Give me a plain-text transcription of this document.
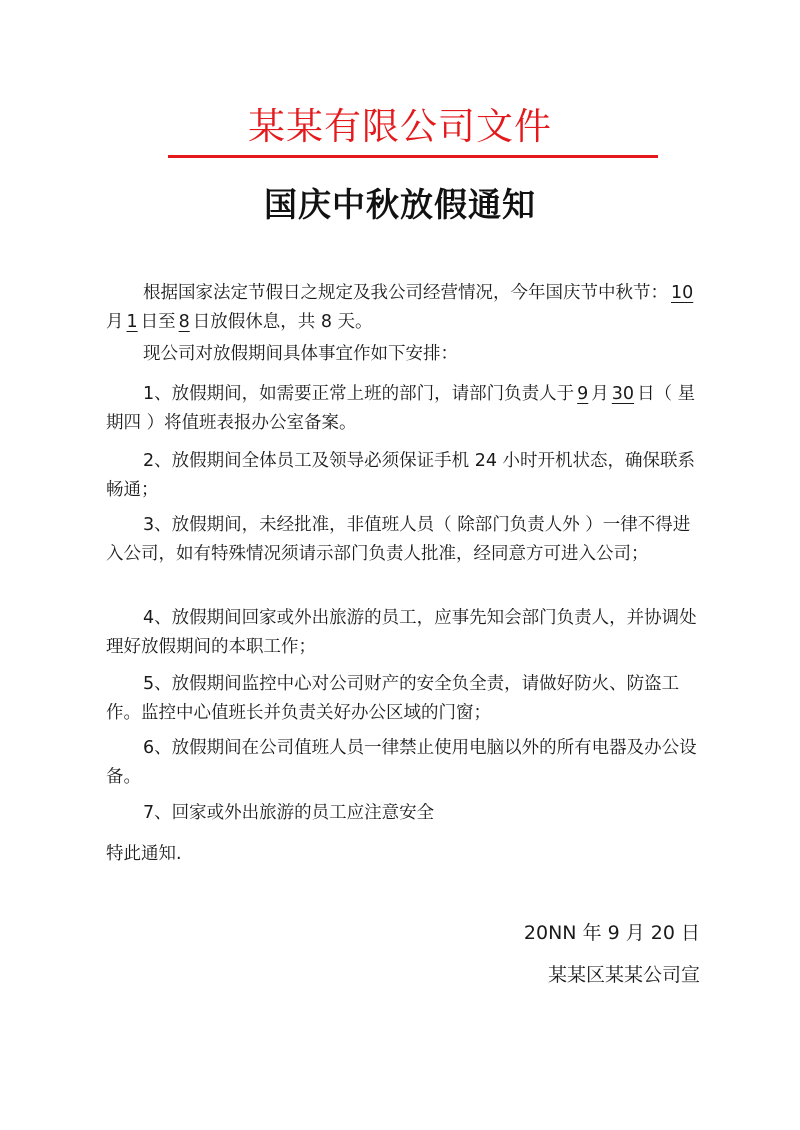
某某有限公司文件
国庆中秋放假通知
根据国家法定节假日之规定及我公司经营情况，今年国庆节中秋节： 10月 1 日至 8 日放假休息，共 8 天。
现公司对放假期间具体事宜作如下安排：
1、放假期间，如需要正常上班的部门，请部门负责人于 9 月 30 日（ 星期四 ）将值班表报办公室备案。
2、放假期间全体员工及领导必须保证手机 24 小时开机状态，确保联系畅通；
3、放假期间，未经批准，非值班人员（ 除部门负责人外 ）一律不得进入公司，如有特殊情况须请示部门负责人批准，经同意方可进入公司；
4、放假期间回家或外出旅游的员工，应事先知会部门负责人，并协调处理好放假期间的本职工作；
5、放假期间监控中心对公司财产的安全负全责，请做好防火、防盗工作。监控中心值班长并负责关好办公区域的门窗；
6、放假期间在公司值班人员一律禁止使用电脑以外的所有电器及办公设备。
7、回家或外出旅游的员工应注意安全
特此通知.
20NN 年 9 月 20 日
某某区某某公司宣
